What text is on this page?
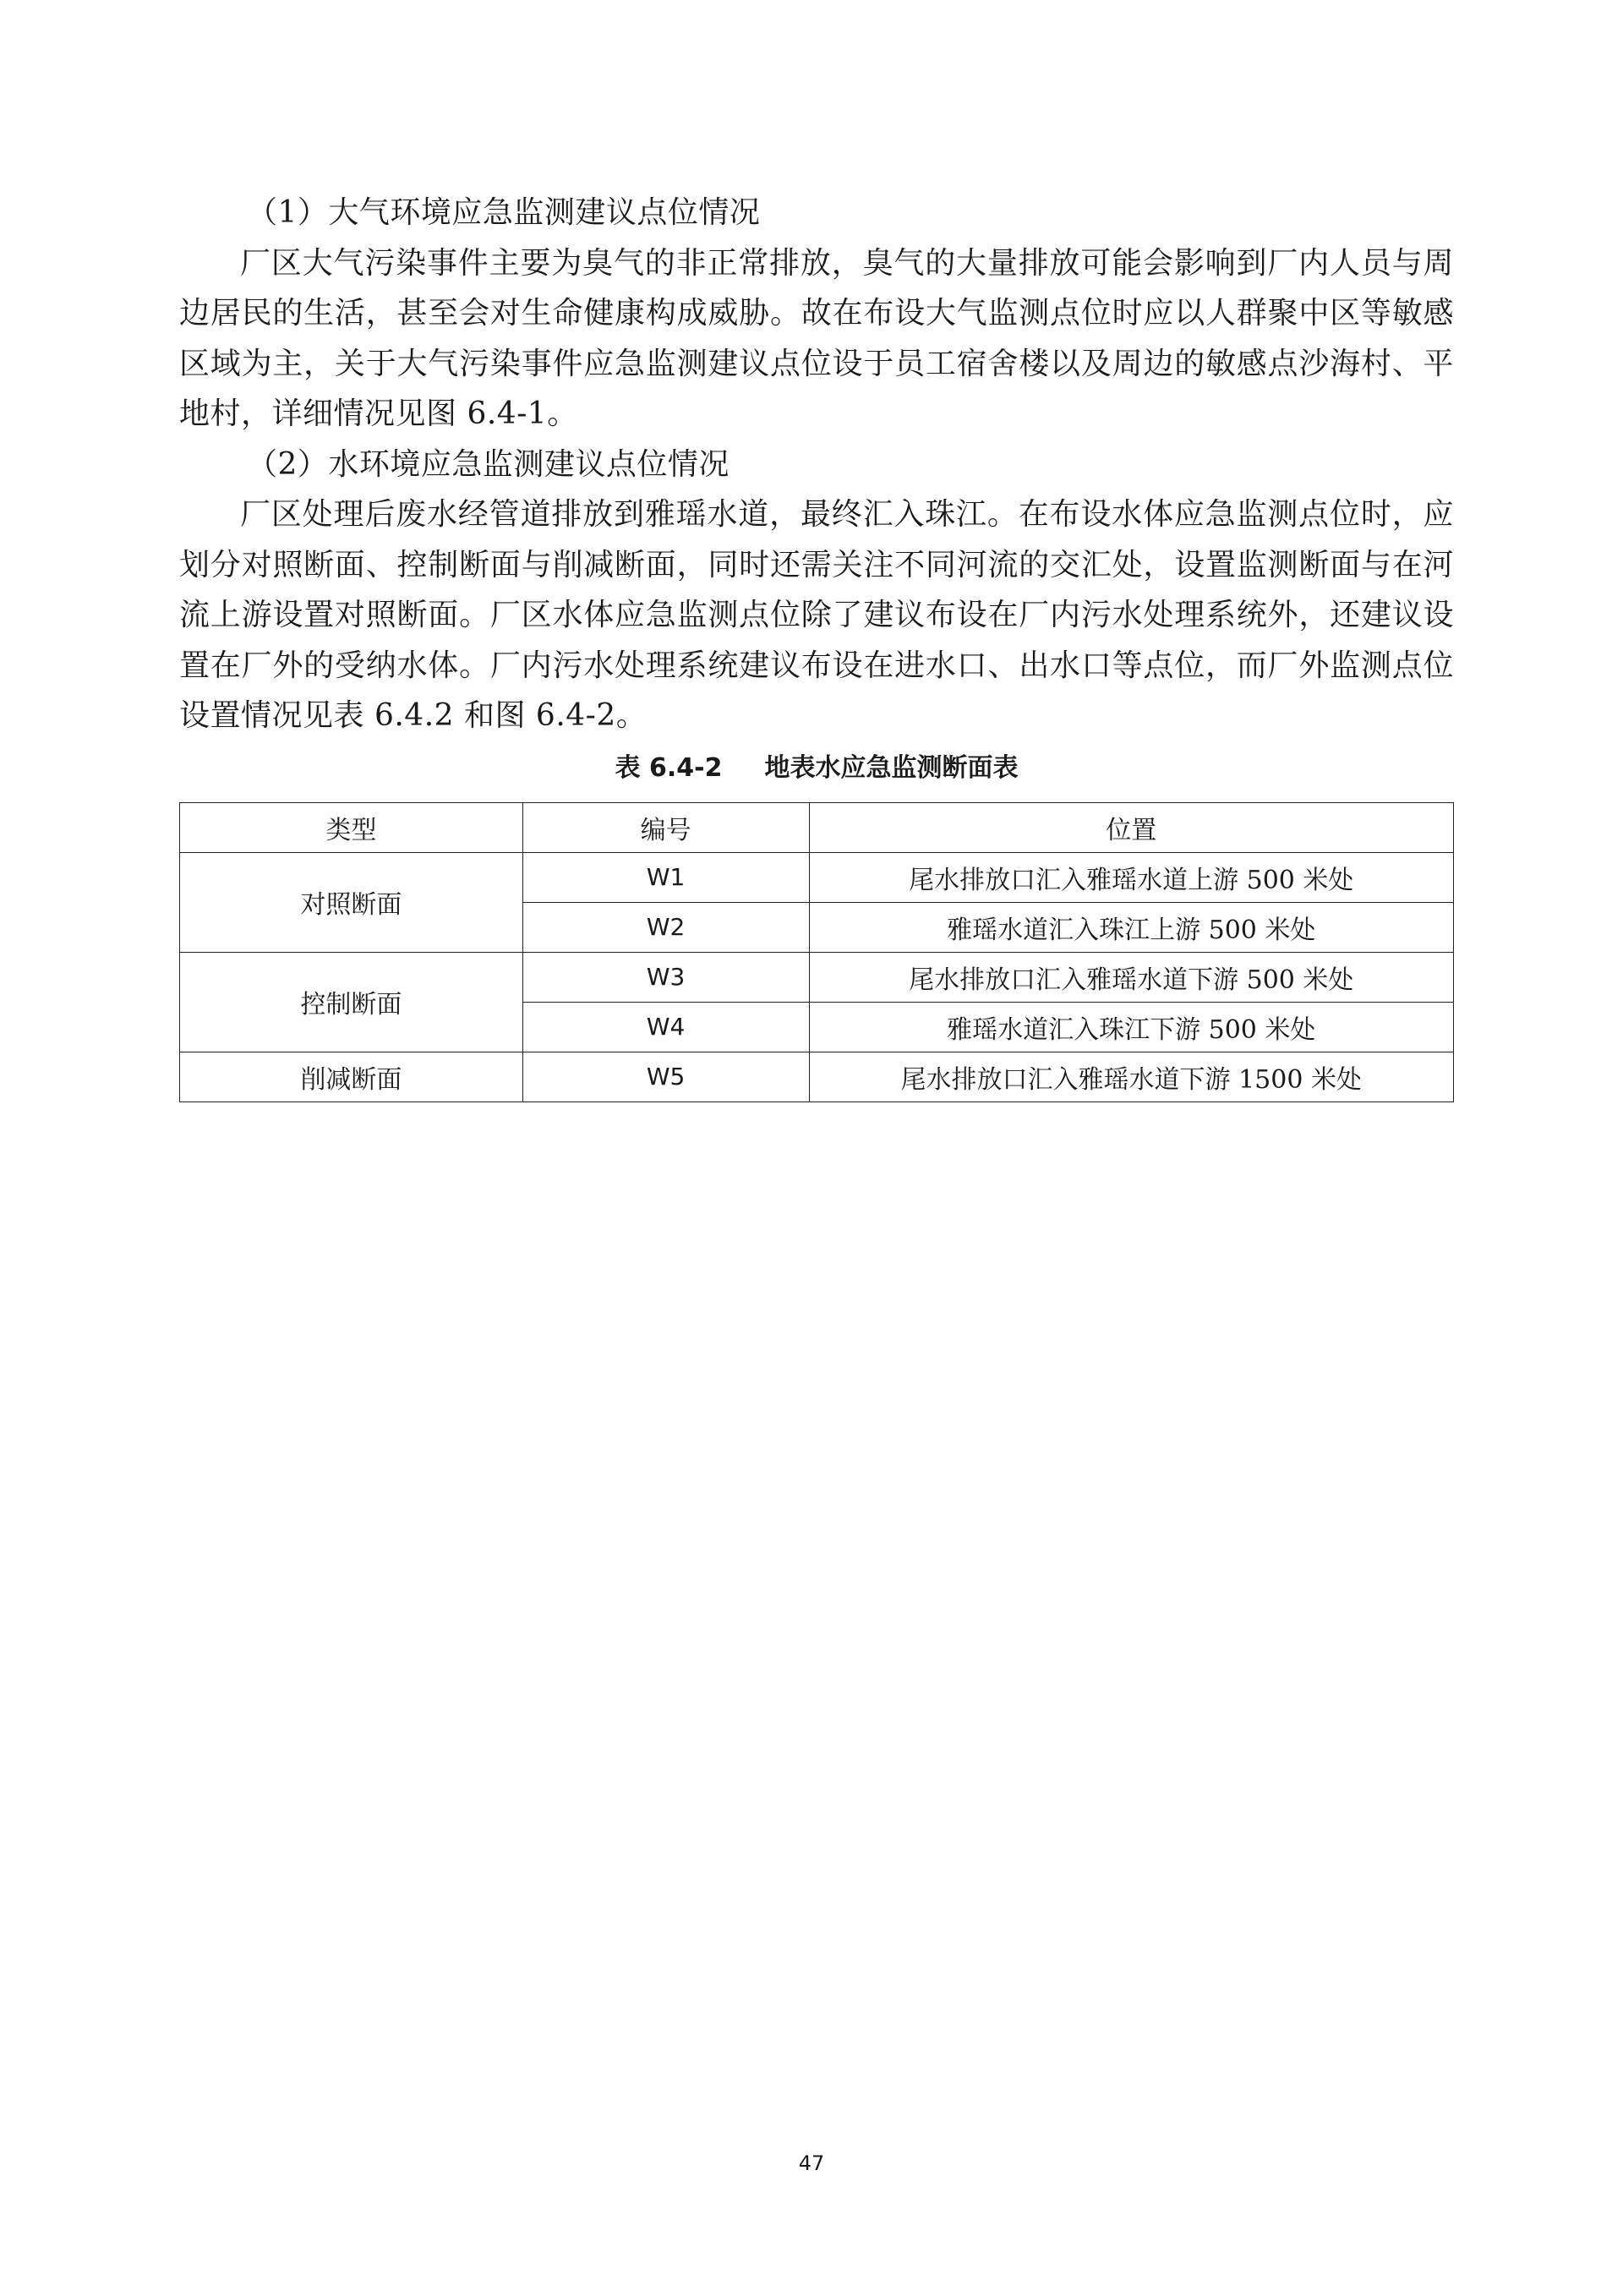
（1）大气环境应急监测建议点位情况

厂区大气污染事件主要为臭气的非正常排放，臭气的大量排放可能会影响到厂内人员与周边居民的生活，甚至会对生命健康构成威胁。故在布设大气监测点位时应以人群聚中区等敏感区域为主，关于大气污染事件应急监测建议点位设于员工宿舍楼以及周边的敏感点沙海村、平地村，详细情况见图 6.4-1。

（2）水环境应急监测建议点位情况

厂区处理后废水经管道排放到雅瑶水道，最终汇入珠江。在布设水体应急监测点位时，应划分对照断面、控制断面与削减断面，同时还需关注不同河流的交汇处，设置监测断面与在河流上游设置对照断面。厂区水体应急监测点位除了建议布设在厂内污水处理系统外，还建议设置在厂外的受纳水体。厂内污水处理系统建议布设在进水口、出水口等点位，而厂外监测点位设置情况见表 6.4.2 和图 6.4-2。

表 6.4-2 地表水应急监测断面表
类型	编号	位置
对照断面	W1	尾水排放口汇入雅瑶水道上游 500 米处
	W2	雅瑶水道汇入珠江上游 500 米处
控制断面	W3	尾水排放口汇入雅瑶水道下游 500 米处
	W4	雅瑶水道汇入珠江下游 500 米处
削减断面	W5	尾水排放口汇入雅瑶水道下游 1500 米处
47
